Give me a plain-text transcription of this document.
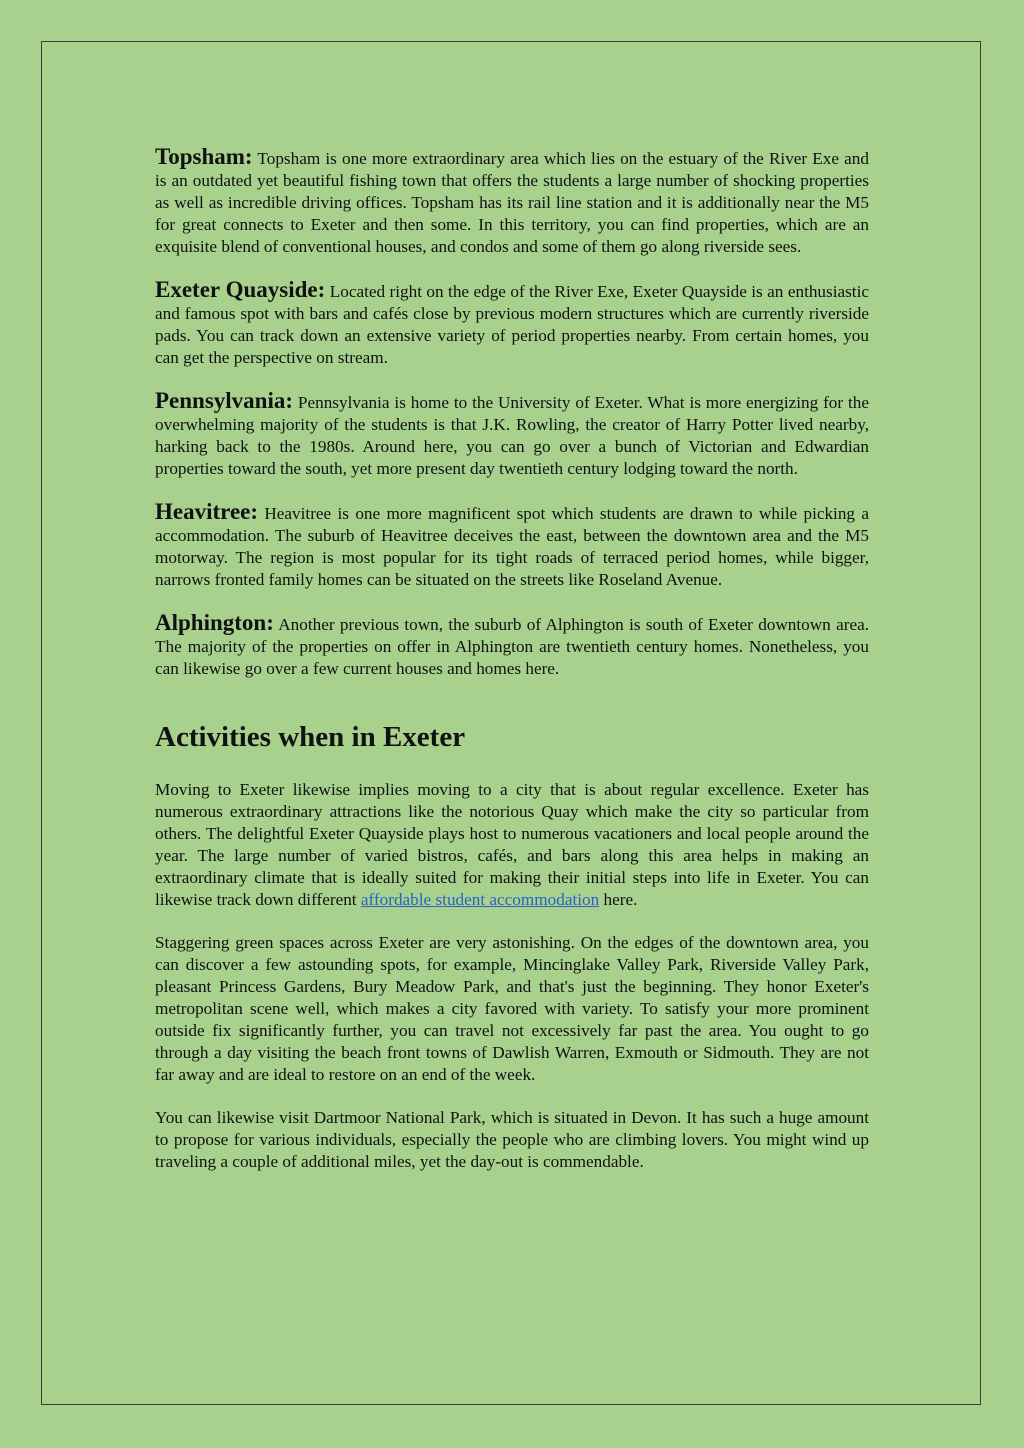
Topsham: Topsham is one more extraordinary area which lies on the estuary of the River Exe and is an outdated yet beautiful fishing town that offers the students a large number of shocking properties as well as incredible driving offices. Topsham has its rail line station and it is additionally near the M5 for great connects to Exeter and then some. In this territory, you can find properties, which are an exquisite blend of conventional houses, and condos and some of them go along riverside sees.

Exeter Quayside: Located right on the edge of the River Exe, Exeter Quayside is an enthusiastic and famous spot with bars and cafés close by previous modern structures which are currently riverside pads. You can track down an extensive variety of period properties nearby. From certain homes, you can get the perspective on stream.

Pennsylvania: Pennsylvania is home to the University of Exeter. What is more energizing for the overwhelming majority of the students is that J.K. Rowling, the creator of Harry Potter lived nearby, harking back to the 1980s. Around here, you can go over a bunch of Victorian and Edwardian properties toward the south, yet more present day twentieth century lodging toward the north.

Heavitree: Heavitree is one more magnificent spot which students are drawn to while picking a accommodation. The suburb of Heavitree deceives the east, between the downtown area and the M5 motorway. The region is most popular for its tight roads of terraced period homes, while bigger, narrows fronted family homes can be situated on the streets like Roseland Avenue.

Alphington: Another previous town, the suburb of Alphington is south of Exeter downtown area. The majority of the properties on offer in Alphington are twentieth century homes. Nonetheless, you can likewise go over a few current houses and homes here.

Activities when in Exeter

Moving to Exeter likewise implies moving to a city that is about regular excellence. Exeter has numerous extraordinary attractions like the notorious Quay which make the city so particular from others. The delightful Exeter Quayside plays host to numerous vacationers and local people around the year. The large number of varied bistros, cafés, and bars along this area helps in making an extraordinary climate that is ideally suited for making their initial steps into life in Exeter. You can likewise track down different affordable student accommodation here.

Staggering green spaces across Exeter are very astonishing. On the edges of the downtown area, you can discover a few astounding spots, for example, Mincinglake Valley Park, Riverside Valley Park, pleasant Princess Gardens, Bury Meadow Park, and that's just the beginning. They honor Exeter's metropolitan scene well, which makes a city favored with variety. To satisfy your more prominent outside fix significantly further, you can travel not excessively far past the area. You ought to go through a day visiting the beach front towns of Dawlish Warren, Exmouth or Sidmouth. They are not far away and are ideal to restore on an end of the week.

You can likewise visit Dartmoor National Park, which is situated in Devon. It has such a huge amount to propose for various individuals, especially the people who are climbing lovers. You might wind up traveling a couple of additional miles, yet the day-out is commendable.
